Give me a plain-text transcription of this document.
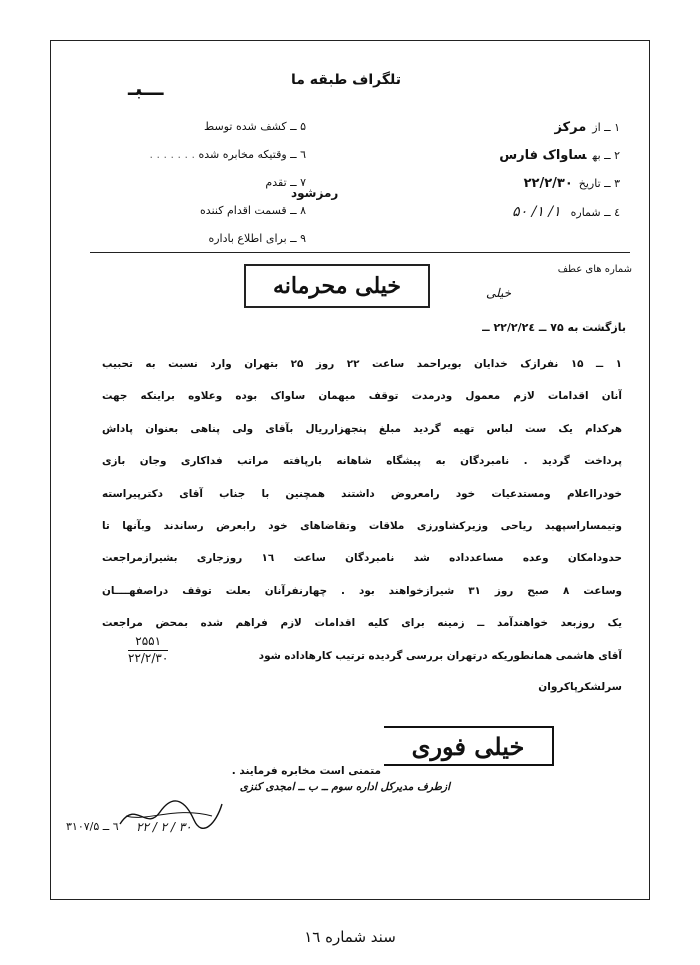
تلگراف طبقه ما
ـــبـ
۱ ــ ازمرکز
۲ ــ بهساواک فارس
۳ ــ تاریخ۲۲/۲/۳۰
٤ ــ شماره۱/ ۱/ ۵۰
۵ ــ کشف شده توسط
٦ ــ وقتیکه مخابره شده . . . . . . .
۷ ــ تقدم
۸ ــ قسمت اقدام کننده
۹ ــ برای اطلاع باداره
رمزشود
شماره های عطف
خیلی محرمانه	خیلی
بازگشت به ۷۵ ــ ۲۲/۲/۲٤ ــ
۱ ــ ۱۵ نفرازک خدایان بویراحمد ساعت ۲۲ روز ۲۵ بتهران وارد نسبت به تحبیب
آنان اقدامات لازم معمول ودرمدت توقف میهمان ساواک بوده وعلاوه براینکه جهت
هرکدام یک ست لباس تهیه گردید مبلغ پنجهزارریال بآقای ولی پناهی بعنوان پاداش
پرداخت گردید . نامبردگان به پیشگاه شاهانه بارپافته مراتب فداکاری وجان بازی
خودرااعلام ومستدعیات خود رامعروض داشتند همچنین با جناب آقای دکترپیراسته
وتیمساراسپهبد ریاحی وزیرکشاورزی ملاقات وتقاضاهای خود رابعرض رساندند وبآنها تا
حدودامکان وعده مساعدداده شد نامبردگان ساعت ١٦ روزجاری بشیرازمراجعت
وساعت ۸ صبح روز ۳۱ شیرازخواهند بود . چهارنفرآنان بعلت توقف دراصفهــــان
یک روزبعد خواهندآمد ــ زمینه برای کلیه اقدامات لازم فراهم شده بمحض مراجعت
آقای هاشمی همانطوریکه درتهران بررسی گردیده ترتیب کارهاداده شود
۲۵۵۱
۲۲/۲/۳۰
سرلشکرپاکروان
خیلی فوری
متمنی است مخابره فرمایند .
ازطرف مدیرکل اداره سوم ــ ب ــ امجدی کنزی
۳۰ / ۲ / ۲۲
۳٦ ــ ۱۰۷/۵
سند شماره ١٦
